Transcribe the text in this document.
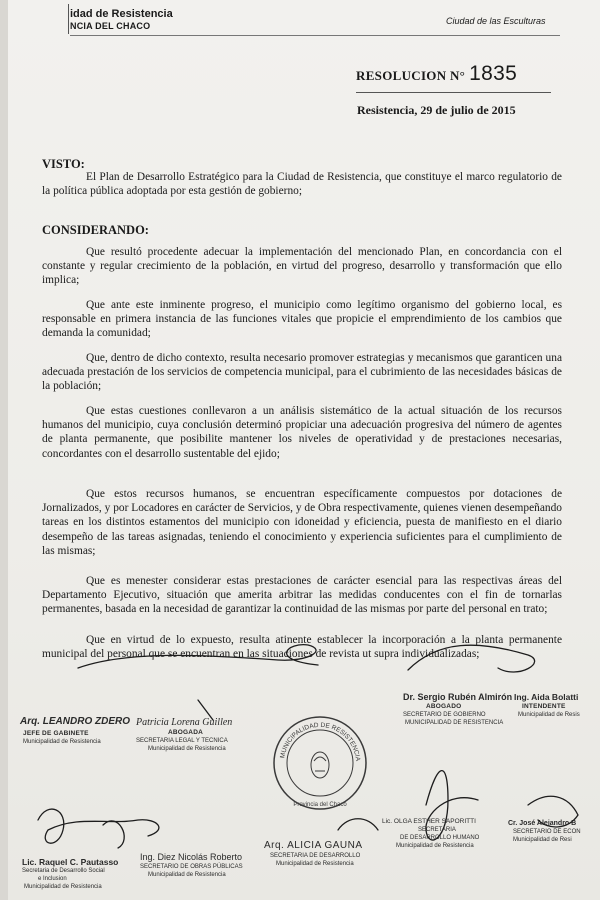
idad de Resistencia
NCIA DEL CHACO	Ciudad de las Esculturas
RESOLUCION N° 1835
Resistencia, 29 de julio de 2015
VISTO:
El Plan de Desarrollo Estratégico para la Ciudad de Resistencia, que constituye el marco regulatorio de la política pública adoptada por esta gestión de gobierno;
CONSIDERANDO:
Que resultó procedente adecuar la implementación del mencionado Plan, en concordancia con el constante y regular crecimiento de la población, en virtud del progreso, desarrollo y transformación que ello implica;
Que ante este inminente progreso, el municipio como legítimo organismo del gobierno local, es responsable en primera instancia de las funciones vitales que propicie el emprendimiento de los cambios que demanda la comunidad;
Que, dentro de dicho contexto, resulta necesario promover estrategias y mecanismos que garanticen una adecuada prestación de los servicios de competencia municipal, para el cubrimiento de las necesidades básicas de la población;
Que estas cuestiones conllevaron a un análisis sistemático de la actual situación de los recursos humanos del municipio, cuya conclusión determinó propiciar una adecuación progresiva del número de agentes de planta permanente, que posibilite mantener los niveles de operatividad y de prestaciones necesarias, concordantes con el desarrollo sustentable del ejido;
Que estos recursos humanos, se encuentran específicamente compuestos por dotaciones de Jornalizados, y por Locadores en carácter de Servicios, y de Obra respectivamente, quienes vienen desempeñando tareas en los distintos estamentos del municipio con idoneidad y eficiencia, puesta de manifiesto en el diario desempeño de las tareas asignadas, teniendo el conocimiento y experiencia suficientes para el cumplimiento de las mismas;
Que es menester considerar estas prestaciones de carácter esencial para las respectivas áreas del Departamento Ejecutivo, situación que amerita arbitrar las medidas conducentes con el fin de tornarlas permanentes, basada en la necesidad de garantizar la continuidad de las mismas por parte del personal en trato;
Que en virtud de lo expuesto, resulta atinente establecer la incorporación a la planta permanente municipal del personal que se encuentran en las situaciones de revista ut supra individualizadas;
MUNICIPALIDAD DE RESISTENCIA
Provincia del Chaco
Arq. LEANDRO ZDERO
JEFE DE GABINETE
Municipalidad de Resistencia
Patricia Lorena Guillen
ABOGADA
SECRETARIA LEGAL Y TECNICA
Municipalidad de Resistencia
Dr. Sergio Rubén Almirón
ABOGADO
SECRETARIO DE GOBIERNO
MUNICIPALIDAD DE RESISTENCIA
Ing. Aida Bolatti
INTENDENTE
Municipalidad de Resis
Lic. Raquel C. Pautasso
Secretaria de Desarrollo Social
e Inclusion
Municipalidad de Resistencia
Ing. Diez Nicolás Roberto
SECRETARIO DE OBRAS PÚBLICAS
Municipalidad de Resistencia
Arq. ALICIA GAUNA
SECRETARIA DE DESARROLLO
Municipalidad de Resistencia
Lic. OLGA ESTHER SAPORITTI
SECRETARIA
DE DESARROLLO HUMANO
Municipalidad de Resistencia
Cr. José Alejandro B
SECRETARIO DE ECON
Municipalidad de Resi
